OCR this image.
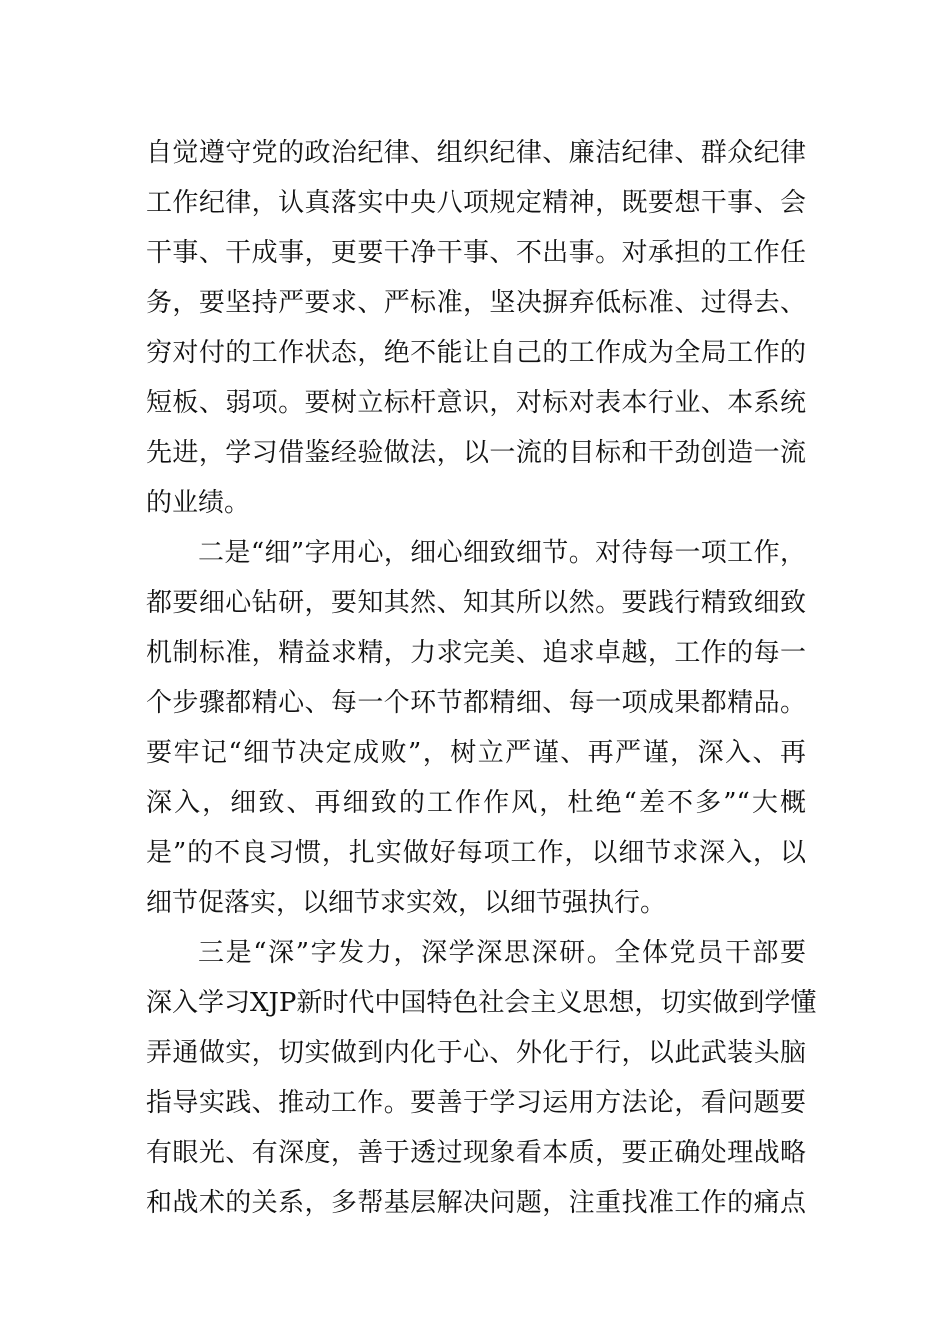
自觉遵守党的政治纪律、组织纪律、廉洁纪律、群众纪律
工作纪律，认真落实中央八项规定精神，既要想干事、会
干事、干成事，更要干净干事、不出事。对承担的工作任
务，要坚持严要求、严标准，坚决摒弃低标准、过得去、
穷对付的工作状态，绝不能让自己的工作成为全局工作的
短板、弱项。要树立标杆意识，对标对表本行业、本系统
先进，学习借鉴经验做法，以一流的目标和干劲创造一流
的业绩。
二是“细”字用心，细心细致细节。对待每一项工作，
都要细心钻研，要知其然、知其所以然。要践行精致细致
机制标准，精益求精，力求完美、追求卓越，工作的每一
个步骤都精心、每一个环节都精细、每一项成果都精品。
要牢记“细节决定成败”，树立严谨、再严谨，深入、再
深入，细致、再细致的工作作风，杜绝“差不多”“大概
是”的不良习惯，扎实做好每项工作，以细节求深入，以
细节促落实，以细节求实效，以细节强执行。
三是“深”字发力，深学深思深研。全体党员干部要
深入学习XJP新时代中国特色社会主义思想，切实做到学懂
弄通做实，切实做到内化于心、外化于行，以此武装头脑
指导实践、推动工作。要善于学习运用方法论，看问题要
有眼光、有深度，善于透过现象看本质，要正确处理战略
和战术的关系，多帮基层解决问题，注重找准工作的痛点
